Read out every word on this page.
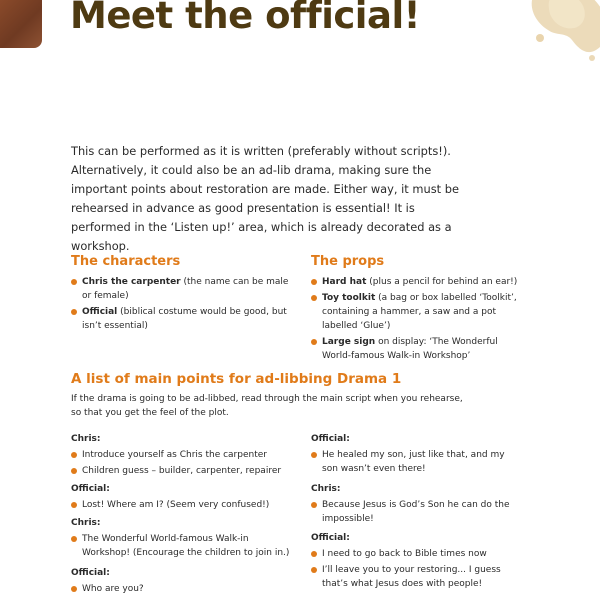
Meet the official!

This can be performed as it is written (preferably without scripts!). Alternatively, it could also be an ad-lib drama, making sure the important points about restoration are made. Either way, it must be rehearsed in advance as good presentation is essential! It is performed in the ‘Listen up!’ area, which is already decorated as a workshop.

The characters
Chris the carpenter (the name can be male or female)
Official (biblical costume would be good, but isn’t essential)
The props
Hard hat (plus a pencil for behind an ear!)
Toy toolkit (a bag or box labelled ‘Toolkit’, containing a hammer, a saw and a pot labelled ‘Glue’)
Large sign on display: ‘The Wonderful World-famous Walk-in Workshop’
A list of main points for ad-libbing Drama 1

If the drama is going to be ad-libbed, read through the main script when you rehearse, so that you get the feel of the plot.

Chris:

Introduce yourself as Chris the carpenter
Children guess – builder, carpenter, repairer

Official:

Lost! Where am I? (Seem very confused!)

Chris:

The Wonderful World-famous Walk-in Workshop! (Encourage the children to join in.)

Official:

Who are you?

Official:

He healed my son, just like that, and my son wasn’t even there!

Chris:

Because Jesus is God’s Son he can do the impossible!

Official:

I need to go back to Bible times now
I’ll leave you to your restoring... I guess that’s what Jesus does with people!
